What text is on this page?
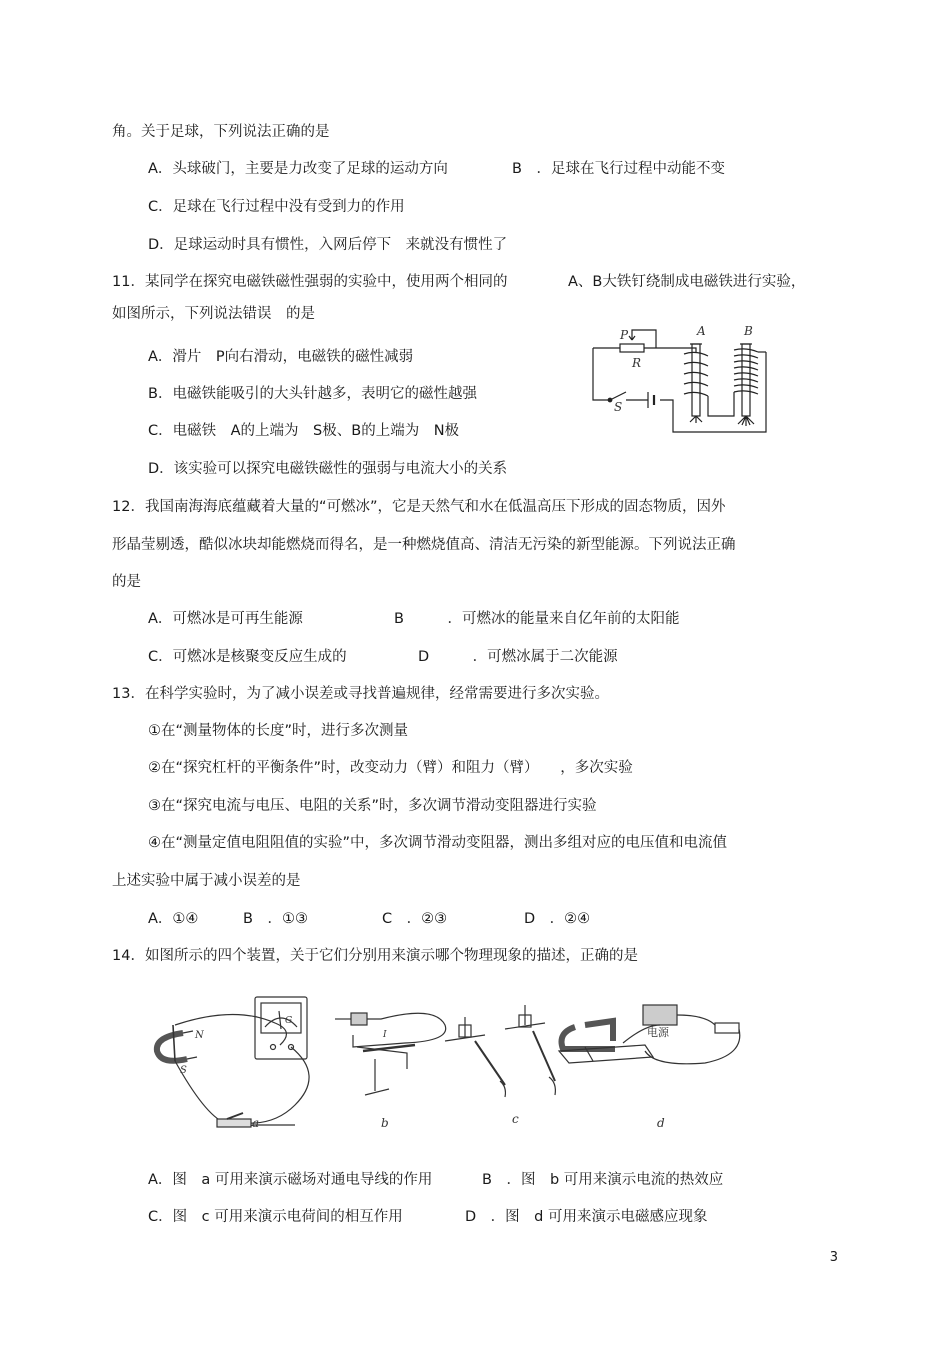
角。关于足球，下列说法正确的是
A．头球破门，主要是力改变了足球的运动方向	B　．足球在飞行过程中动能不变
C．足球在飞行过程中没有受到力的作用
D．足球运动时具有惯性，入网后停下　来就没有惯性了
11．某同学在探究电磁铁磁性强弱的实验中，使用两个相同的	A、B大铁钉绕制成电磁铁进行实验，
如图所示，下列说法错误　的是
A．滑片　P向右滑动，电磁铁的磁性减弱
B．电磁铁能吸引的大头针越多，表明它的磁性越强
C．电磁铁　A的上端为　S极、B的上端为　N极
D．该实验可以探究电磁铁磁性的强弱与电流大小的关系
P
R
S
A	B
12．我国南海海底蕴藏着大量的“可燃冰”，它是天然气和水在低温高压下形成的固态物质，因外
形晶莹剔透，酷似冰块却能燃烧而得名，是一种燃烧值高、清洁无污染的新型能源。下列说法正确
的是
A．可燃冰是可再生能源	B　　　．可燃冰的能量来自亿年前的太阳能
C．可燃冰是核聚变反应生成的	D　　　．可燃冰属于二次能源
13．在科学实验时，为了减小误差或寻找普遍规律，经常需要进行多次实验。
①在“测量物体的长度”时，进行多次测量
②在“探究杠杆的平衡条件”时，改变动力（臂）和阻力（臂）　　，多次实验
③在“探究电流与电压、电阻的关系”时，多次调节滑动变阻器进行实验
④在“测量定值电阻阻值的实验”中，多次调节滑动变阻器，测出多组对应的电压值和电流值
上述实验中属于减小误差的是
A．①④	B　．①③	C　．②③	D　．②④
14．如图所示的四个装置，关于它们分别用来演示哪个物理现象的描述，正确的是
a	b	c	d
电源
N
S
G
I
A．图　a 可用来演示磁场对通电导线的作用	B　．图　b 可用来演示电流的热效应
C．图　c 可用来演示电荷间的相互作用	D　．图　d 可用来演示电磁感应现象
3
